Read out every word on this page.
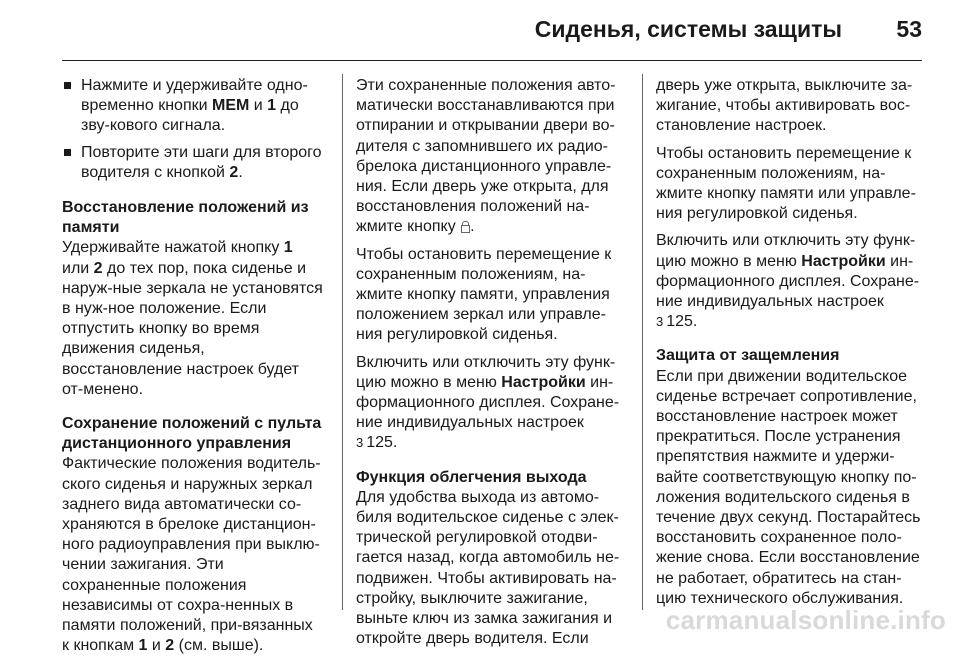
Сиденья, системы защиты 53
Нажмите и удерживайте одно-временно кнопки MEM и 1 до зву-кового сигнала.
Повторите эти шаги для второго водителя с кнопкой 2.
Восстановление положений из памяти

Удерживайте нажатой кнопку 1 или 2 до тех пор, пока сиденье и наруж-ные зеркала не установятся в нуж-ное положение. Если отпустить кнопку во время движения сиденья, восстановление настроек будет от-менено.

Сохранение положений с пульта дистанционного управления

Фактические положения водитель-ского сиденья и наружных зеркал заднего вида автоматически со-храняются в брелоке дистанцион-ного радиоуправления при выклю-чении зажигания. Эти сохраненные положения независимы от сохра-ненных в памяти положений, при-вязанных к кнопкам 1 и 2 (см. выше).

Эти сохраненные положения авто-матически восстанавливаются при отпирании и открывании двери во-дителя с запомнившего их радио-брелока дистанционного управле-ния. Если дверь уже открыта, для восстановления положений на-жмите кнопку
.

Чтобы остановить перемещение к сохраненным положениям, на-жмите кнопку памяти, управления положением зеркал или управле-ния регулировкой сиденья.

Включить или отключить эту функ-цию можно в меню Настройки ин-формационного дисплея. Сохране-ние индивидуальных настроек
3 125.

Функция облегчения выхода

Для удобства выхода из автомо-биля водительское сиденье с элек-трической регулировкой отодви-гается назад, когда автомобиль не-подвижен. Чтобы активировать на-стройку, выключите зажигание, выньте ключ из замка зажигания и откройте дверь водителя. Если

дверь уже открыта, выключите за-жигание, чтобы активировать вос-становление настроек.

Чтобы остановить перемещение к сохраненным положениям, на-жмите кнопку памяти или управле-ния регулировкой сиденья.

Включить или отключить эту функ-цию можно в меню Настройки ин-формационного дисплея. Сохране-ние индивидуальных настроек
3 125.

Защита от защемления

Если при движении водительское сиденье встречает сопротивление, восстановление настроек может прекратиться. После устранения препятствия нажмите и удержи-вайте соответствующую кнопку по-ложения водительского сиденья в течение двух секунд. Постарайтесь восстановить сохраненное поло-жение снова. Если восстановление не работает, обратитесь на стан-цию технического обслуживания.

carmanualsonline.info
